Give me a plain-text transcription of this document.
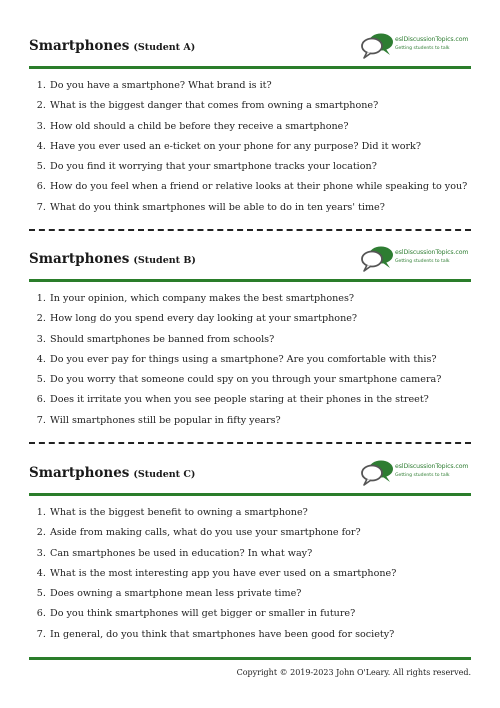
Smartphones (Student A)
eslDiscussionTopics.com
Getting students to talk
1. Do you have a smartphone? What brand is it?
2. What is the biggest danger that comes from owning a smartphone?
3. How old should a child be before they receive a smartphone?
4. Have you ever used an e-ticket on your phone for any purpose? Did it work?
5. Do you find it worrying that your smartphone tracks your location?
6. How do you feel when a friend or relative looks at their phone while speaking to you?
7. What do you think smartphones will be able to do in ten years' time?
Smartphones (Student B)
eslDiscussionTopics.com
Getting students to talk
1. In your opinion, which company makes the best smartphones?
2. How long do you spend every day looking at your smartphone?
3. Should smartphones be banned from schools?
4. Do you ever pay for things using a smartphone? Are you comfortable with this?
5. Do you worry that someone could spy on you through your smartphone camera?
6. Does it irritate you when you see people staring at their phones in the street?
7. Will smartphones still be popular in fifty years?
Smartphones (Student C)
eslDiscussionTopics.com
Getting students to talk
1. What is the biggest benefit to owning a smartphone?
2. Aside from making calls, what do you use your smartphone for?
3. Can smartphones be used in education? In what way?
4. What is the most interesting app you have ever used on a smartphone?
5. Does owning a smartphone mean less private time?
6. Do you think smartphones will get bigger or smaller in future?
7. In general, do you think that smartphones have been good for society?
Copyright © 2019-2023 John O'Leary. All rights reserved.
